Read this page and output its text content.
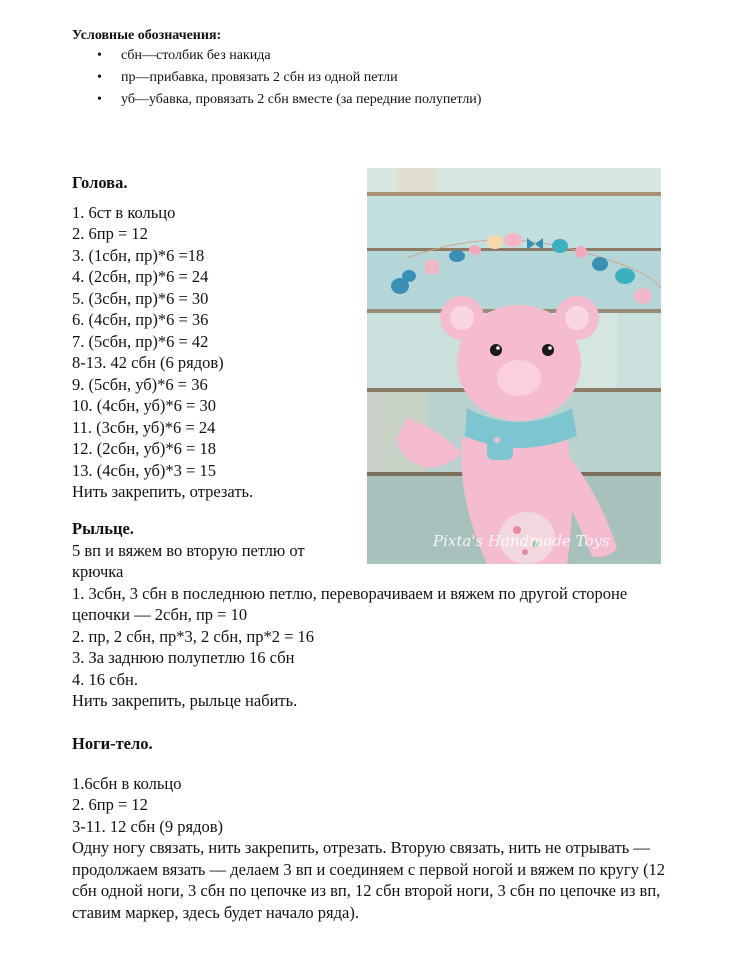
Условные обозначения:

• сбн—столбик без накида
• пр—прибавка, провязать 2 сбн из одной петли
• уб—убавка, провязать 2 сбн вместе (за передние полупетли)
Голова.
1. 6ст в кольцо
2. 6пр = 12
3. (1сбн, пр)*6 =18
4. (2сбн, пр)*6 = 24
5. (3сбн, пр)*6 = 30
6. (4сбн, пр)*6 = 36
7. (5сбн, пр)*6 = 42
8-13. 42 сбн (6 рядов)
9. (5сбн, уб)*6 = 36
10. (4сбн, уб)*6 = 30
11. (3сбн, уб)*6 = 24
12. (2сбн, уб)*6 = 18
13. (4сбн, уб)*3 = 15
Нить закрепить, отрезать.
Pixta's Handmade Toys
Рыльце.
5 вп и вяжем во вторую петлю от
крючка
1. 3сбн, 3 сбн в последнюю петлю, переворачиваем и вяжем по другой стороне цепочки — 2сбн, пр = 10
2. пр, 2 сбн, пр*3, 2 сбн, пр*2 = 16
3. За заднюю полупетлю 16 сбн
4. 16 сбн.
Нить закрепить, рыльце набить.
Ноги-тело.
1.6сбн в кольцо
2. 6пр = 12
3-11. 12 сбн (9 рядов)
Одну ногу связать, нить закрепить, отрезать. Вторую связать, нить не отрывать — продолжаем вязать — делаем 3 вп и соединяем с первой ногой и вяжем по кругу (12 сбн одной ноги, 3 сбн по цепочке из вп, 12 сбн второй ноги, 3 сбн по цепочке из вп, ставим маркер, здесь будет начало ряда).
